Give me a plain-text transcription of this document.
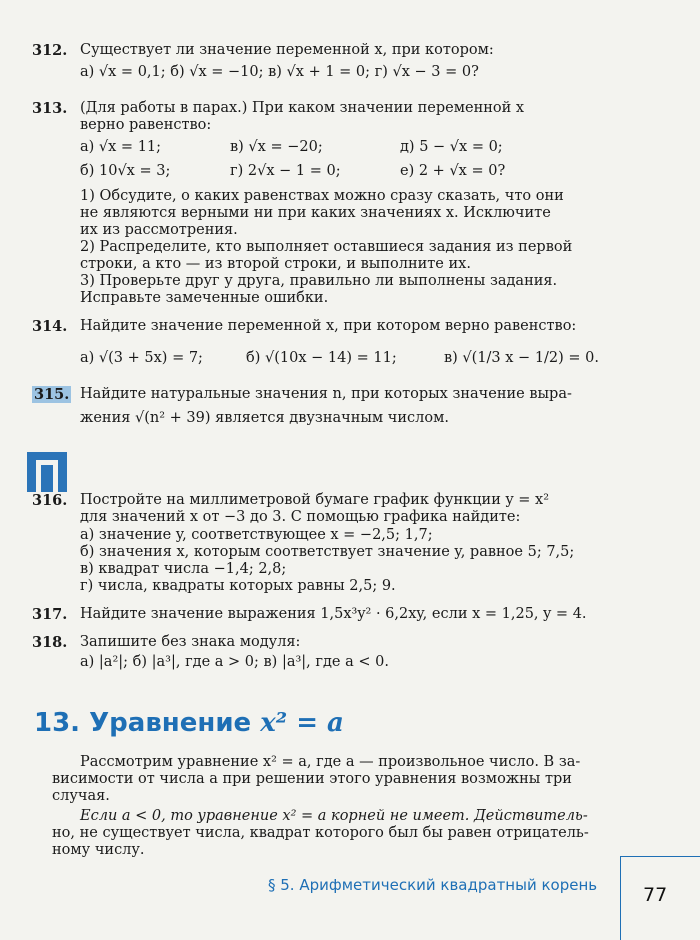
312. Существует ли значение переменной x, при котором:
а) √x = 0,1; б) √x = −10; в) √x + 1 = 0; г) √x − 3 = 0?
313. (Для работы в парах.) При каком значении переменной x
верно равенство:
а) √x = 11;	в) √x = −20;	д) 5 − √x = 0;
б) 10√x = 3;	г) 2√x − 1 = 0;	е) 2 + √x = 0?
1) Обсудите, о каких равенствах можно сразу сказать, что они
не являются верными ни при каких значениях x. Исключите
их из рассмотрения.
2) Распределите, кто выполняет оставшиеся задания из первой
строки, а кто — из второй строки, и выполните их.
3) Проверьте друг у друга, правильно ли выполнены задания.
Исправьте замеченные ошибки.
314. Найдите значение переменной x, при котором верно равенство:
а) √(3 + 5x) = 7;	б) √(10x − 14) = 11;	в) √(1/3 x − 1/2) = 0.
315. Найдите натуральные значения n, при которых значение выра-
жения √(n² + 39) является двузначным числом.
316. Постройте на миллиметровой бумаге график функции y = x²
для значений x от −3 до 3. С помощью графика найдите:
а) значение y, соответствующее x = −2,5; 1,7;
б) значения x, которым соответствует значение y, равное 5; 7,5;
в) квадрат числа −1,4; 2,8;
г) числа, квадраты которых равны 2,5; 9.
317. Найдите значение выражения 1,5x³y² · 6,2xy, если x = 1,25, y = 4.
318. Запишите без знака модуля:
а) |a²|; б) |a³|, где a > 0; в) |a³|, где a < 0.
13. Уравнение x² = a
Рассмотрим уравнение x² = a, где a — произвольное число. В за-
висимости от числа a при решении этого уравнения возможны три
случая.
Если a < 0, то уравнение x² = a корней не имеет. Действитель-
но, не существует числа, квадрат которого был бы равен отрицатель-
ному числу.
§ 5. Арифметический квадратный корень 77
